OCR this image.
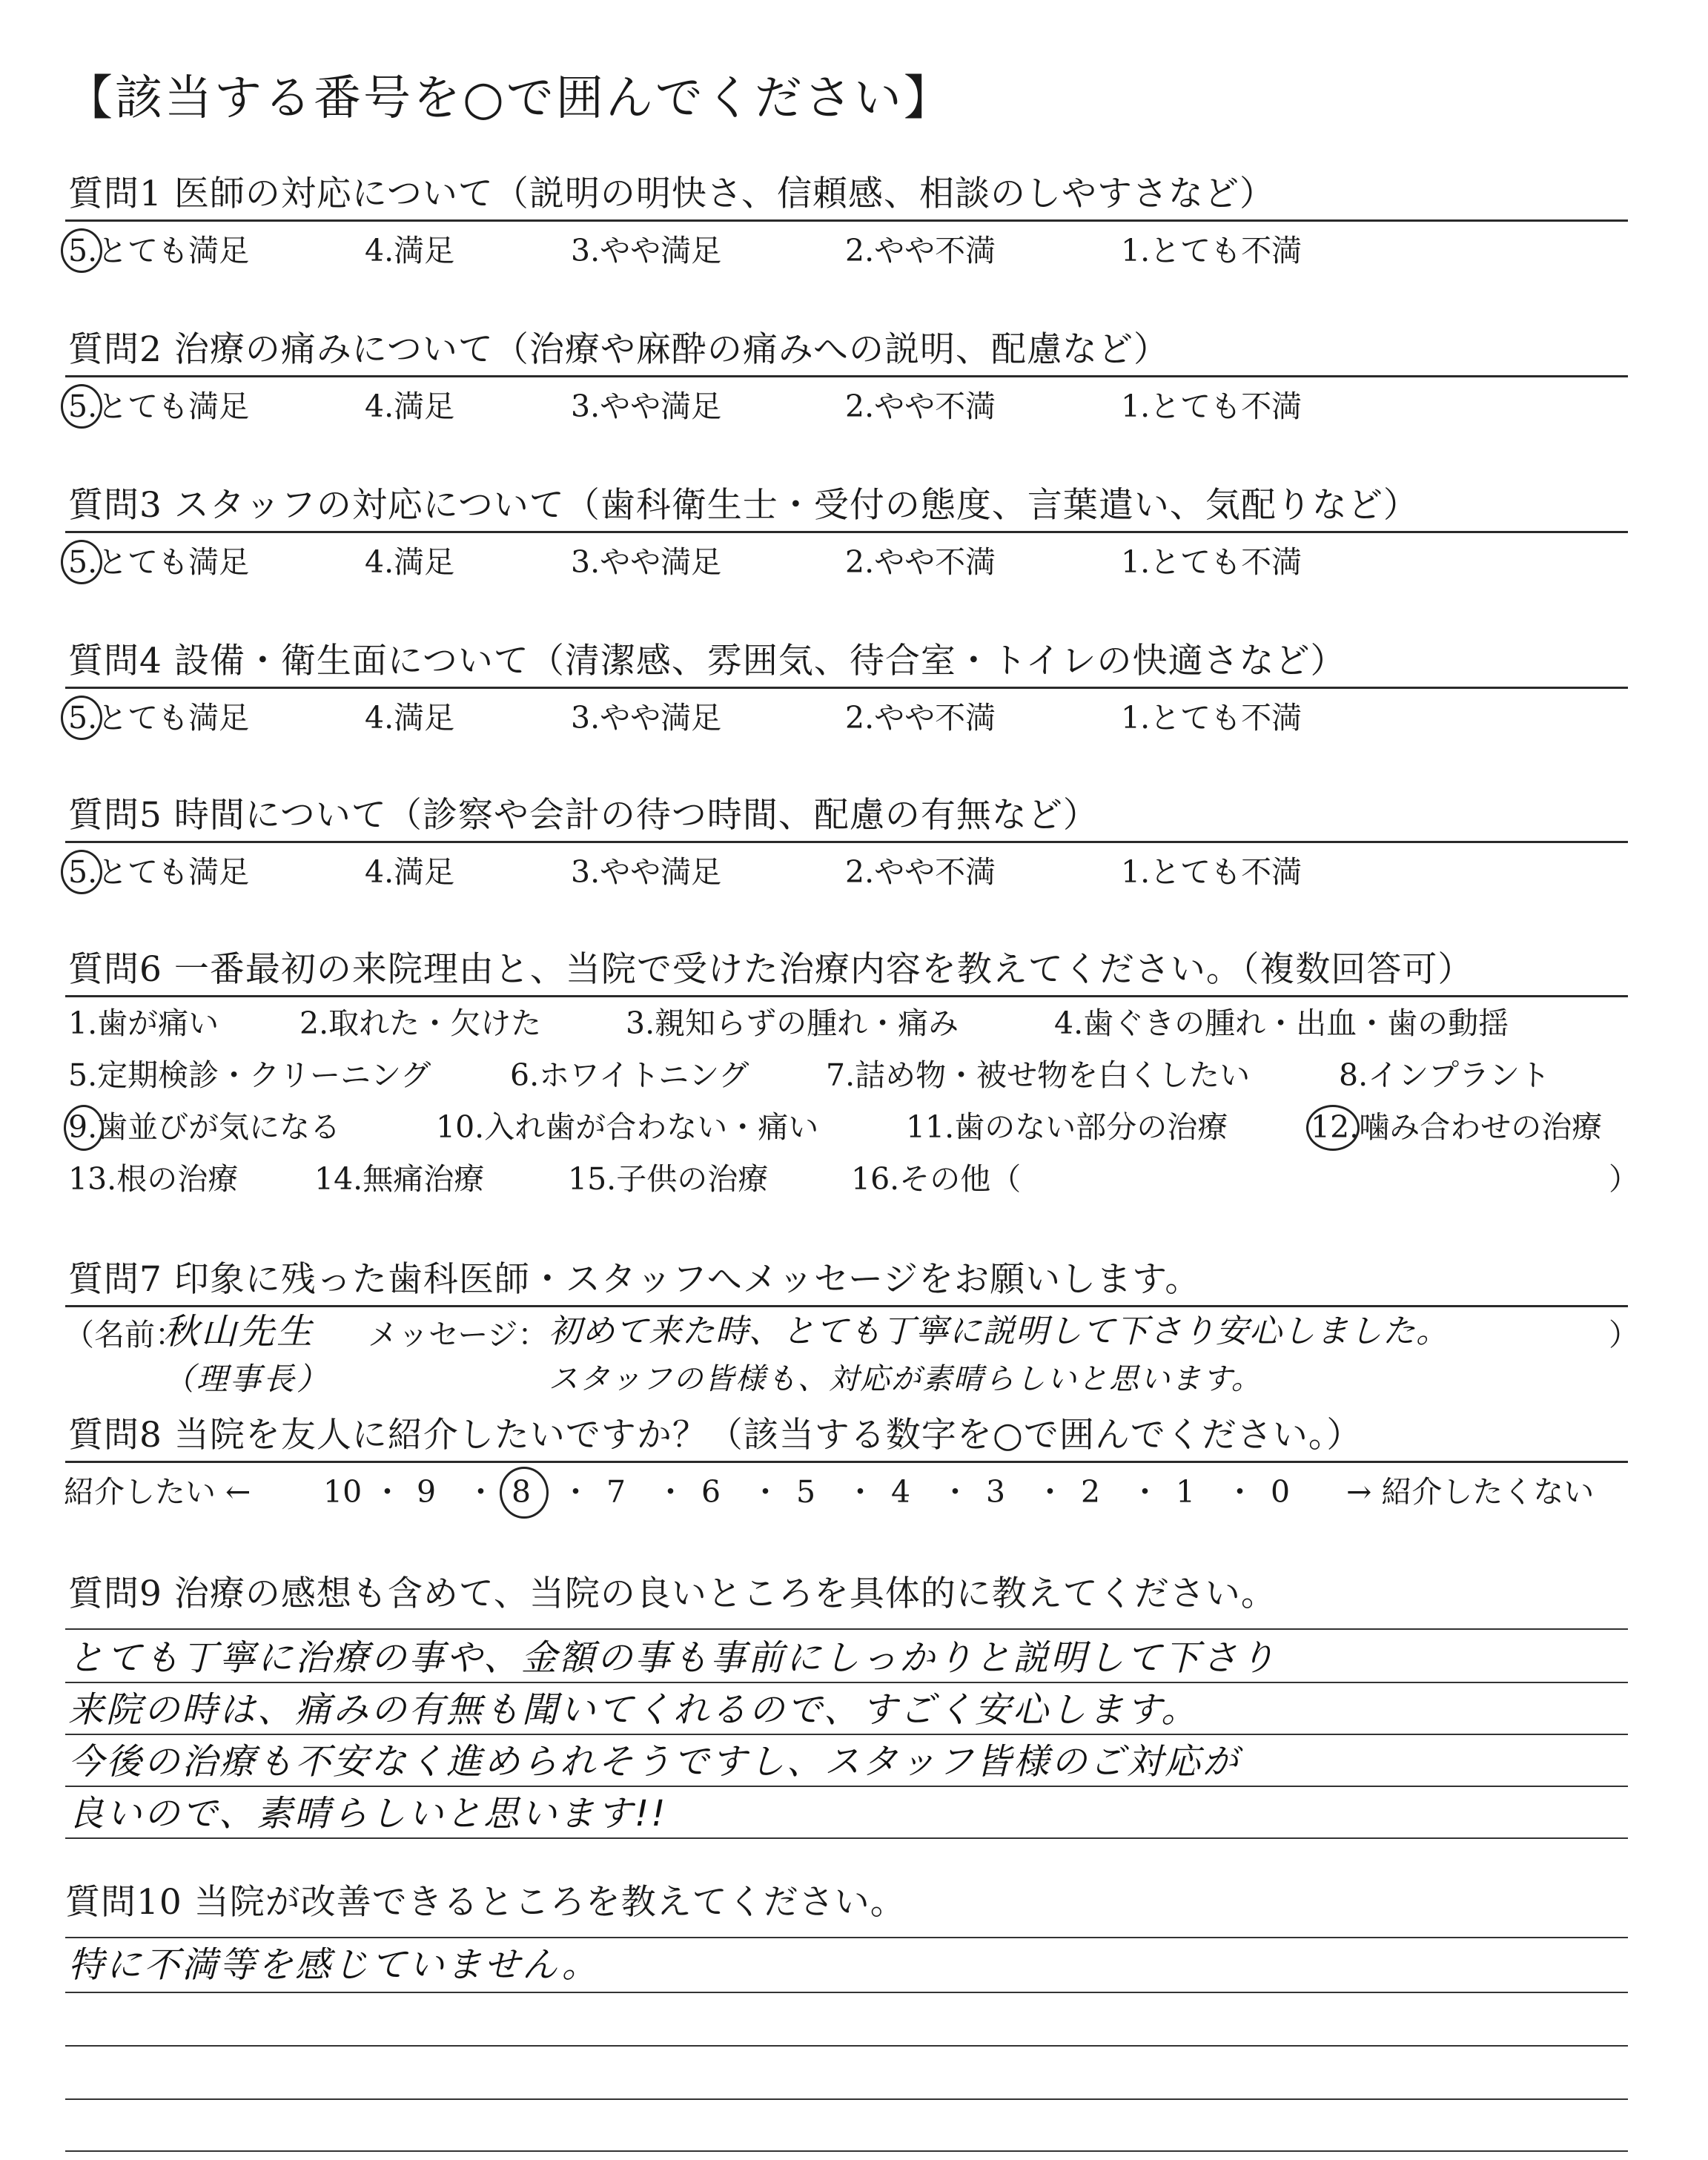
【該当する番号を○で囲んでください】
質問1 医師の対応について（説明の明快さ、信頼感、相談のしやすさなど）
質問2 治療の痛みについて（治療や麻酔の痛みへの説明、配慮など）
質問3 スタッフの対応について（歯科衛生士・受付の態度、言葉遣い、気配りなど）
質問4 設備・衛生面について（清潔感、雰囲気、待合室・トイレの快適さなど）
質問5 時間について（診察や会計の待つ時間、配慮の有無など）
質問6 一番最初の来院理由と、当院で受けた治療内容を教えてください。（複数回答可）
）
質問7 印象に残った歯科医師・スタッフへメッセージをお願いします。
（名前：
秋山先生
（理事長）
メッセージ： 初めて来た時、とても丁寧に説明して下さり安心しました。
スタッフの皆様も、対応が素晴らしいと思います。
）
質問8 当院を友人に紹介したいですか？（該当する数字を○で囲んでください。）
紹介したい ←	→ 紹介したくない
質問9 治療の感想も含めて、当院の良いところを具体的に教えてください。
とても丁寧に治療の事や、金額の事も事前にしっかりと説明して下さり
来院の時は、痛みの有無も聞いてくれるので、すごく安心します。
今後の治療も不安なく進められそうですし、スタッフ皆様のご対応が
良いので、素晴らしいと思います!!
質問10 当院が改善できるところを教えてください。
特に不満等を感じていません。
5.とても満足	4.満足	3.やや満足	2.やや不満	1.とても不満
5.とても満足	4.満足	3.やや満足	2.やや不満	1.とても不満
5.とても満足	4.満足	3.やや満足	2.やや不満	1.とても不満
5.とても満足	4.満足	3.やや満足	2.やや不満	1.とても不満
5.とても満足	4.満足	3.やや満足	2.やや不満	1.とても不満
1.歯が痛い	2.取れた・欠けた	3.親知らずの腫れ・痛み	4.歯ぐきの腫れ・出血・歯の動揺
5.定期検診・クリーニング	6.ホワイトニング	7.詰め物・被せ物を白くしたい	8.インプラント
9.歯並びが気になる	10.入れ歯が合わない・痛い	11.歯のない部分の治療	12.噛み合わせの治療
13.根の治療	14.無痛治療	15.子供の治療	16.その他（
10 ・ 9 ・ 8 ・ 7 ・ 6 ・ 5 ・ 4 ・ 3 ・ 2 ・ 1 ・ 0
